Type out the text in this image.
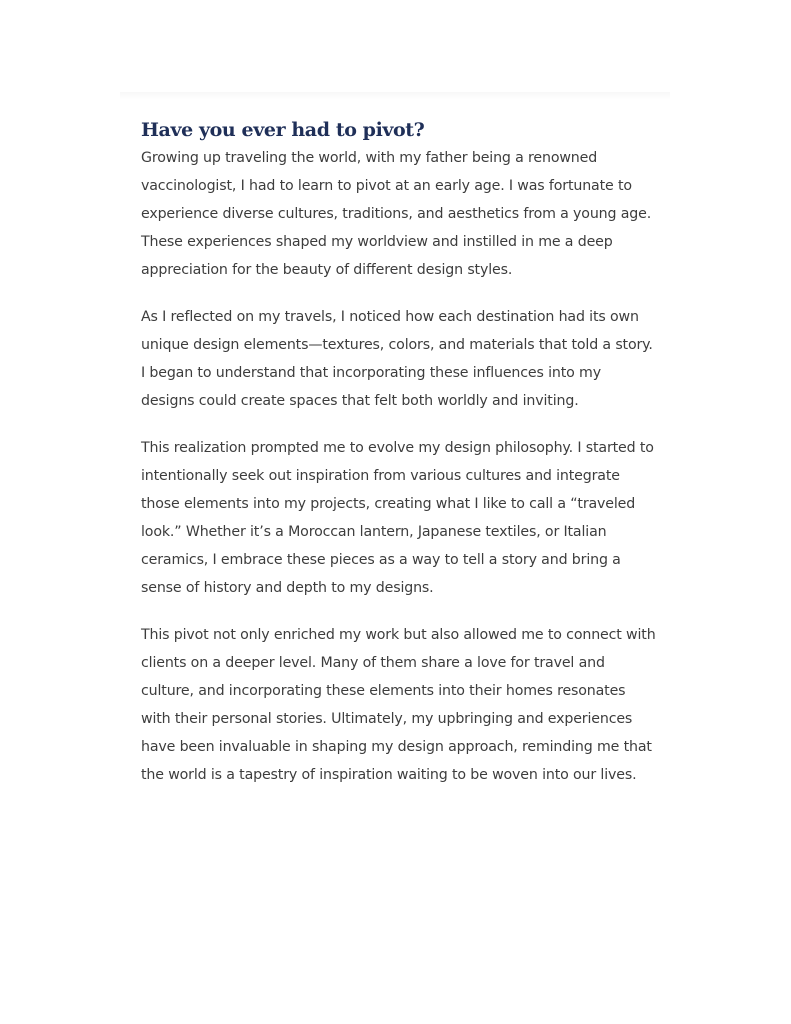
Have you ever had to pivot?

Growing up traveling the world, with my father being a renowned vaccinologist, I had to learn to pivot at an early age. I was fortunate to experience diverse cultures, traditions, and aesthetics from a young age. These experiences shaped my worldview and instilled in me a deep appreciation for the beauty of different design styles.

As I reflected on my travels, I noticed how each destination had its own unique design elements—textures, colors, and materials that told a story. I began to understand that incorporating these influences into my designs could create spaces that felt both worldly and inviting.

This realization prompted me to evolve my design philosophy. I started to intentionally seek out inspiration from various cultures and integrate those elements into my projects, creating what I like to call a “traveled look.” Whether it’s a Moroccan lantern, Japanese textiles, or Italian ceramics, I embrace these pieces as a way to tell a story and bring a sense of history and depth to my designs.

This pivot not only enriched my work but also allowed me to connect with clients on a deeper level. Many of them share a love for travel and culture, and incorporating these elements into their homes resonates with their personal stories. Ultimately, my upbringing and experiences have been invaluable in shaping my design approach, reminding me that the world is a tapestry of inspiration waiting to be woven into our lives.
